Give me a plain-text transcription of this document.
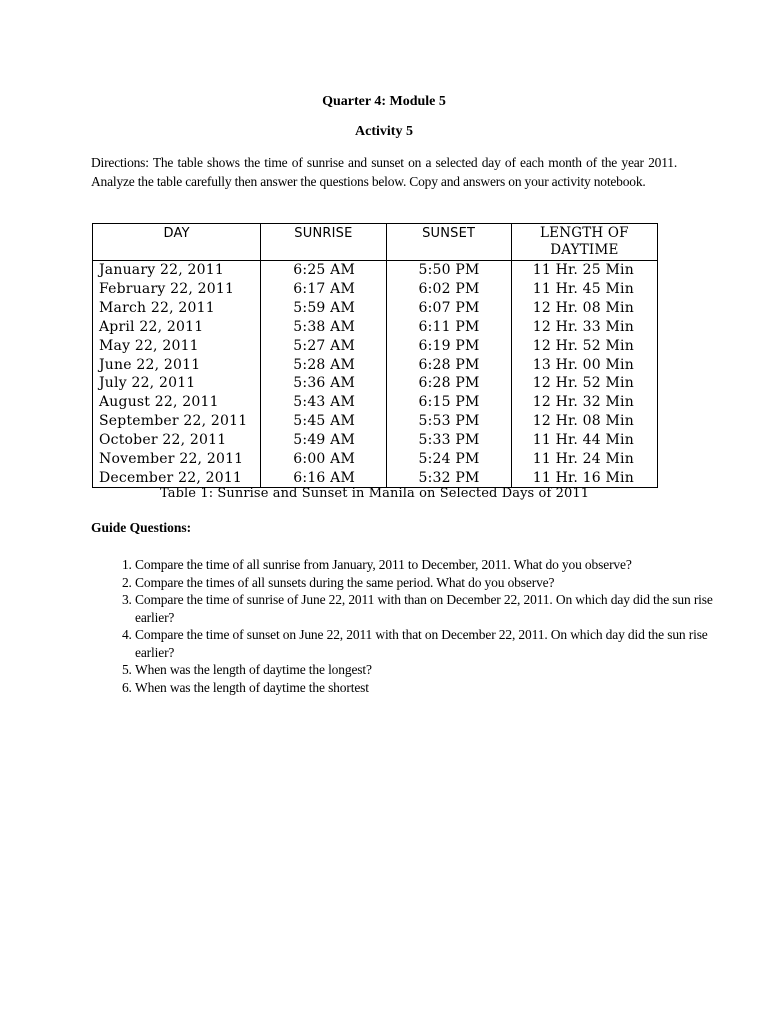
Quarter 4: Module 5
Activity 5
Directions: The table shows the time of sunrise and sunset on a selected day of each month of the year 2011. Analyze the table carefully then answer the questions below. Copy and answers on your activity notebook.
DAY	SUNRISE	SUNSET	LENGTH OF DAYTIME
January 22, 2011	6:25 AM	5:50 PM	11 Hr. 25 Min
February 22, 2011	6:17 AM	6:02 PM	11 Hr. 45 Min
March 22, 2011	5:59 AM	6:07 PM	12 Hr. 08 Min
April 22, 2011	5:38 AM	6:11 PM	12 Hr. 33 Min
May 22, 2011	5:27 AM	6:19 PM	12 Hr. 52 Min
June 22, 2011	5:28 AM	6:28 PM	13 Hr. 00 Min
July 22, 2011	5:36 AM	6:28 PM	12 Hr. 52 Min
August 22, 2011	5:43 AM	6:15 PM	12 Hr. 32 Min
September 22, 2011	5:45 AM	5:53 PM	12 Hr. 08 Min
October 22, 2011	5:49 AM	5:33 PM	11 Hr. 44 Min
November 22, 2011	6:00 AM	5:24 PM	11 Hr. 24 Min
December 22, 2011	6:16 AM	5:32 PM	11 Hr. 16 Min
Table 1: Sunrise and Sunset in Manila on Selected Days of 2011
Guide Questions:
1. Compare the time of all sunrise from January, 2011 to December, 2011. What do you observe?
2. Compare the times of all sunsets during the same period. What do you observe?
3. Compare the time of sunrise of June 22, 2011 with than on December 22, 2011. On which day did the sun rise earlier?
4. Compare the time of sunset on June 22, 2011 with that on December 22, 2011. On which day did the sun rise earlier?
5. When was the length of daytime the longest?
6. When was the length of daytime the shortest
